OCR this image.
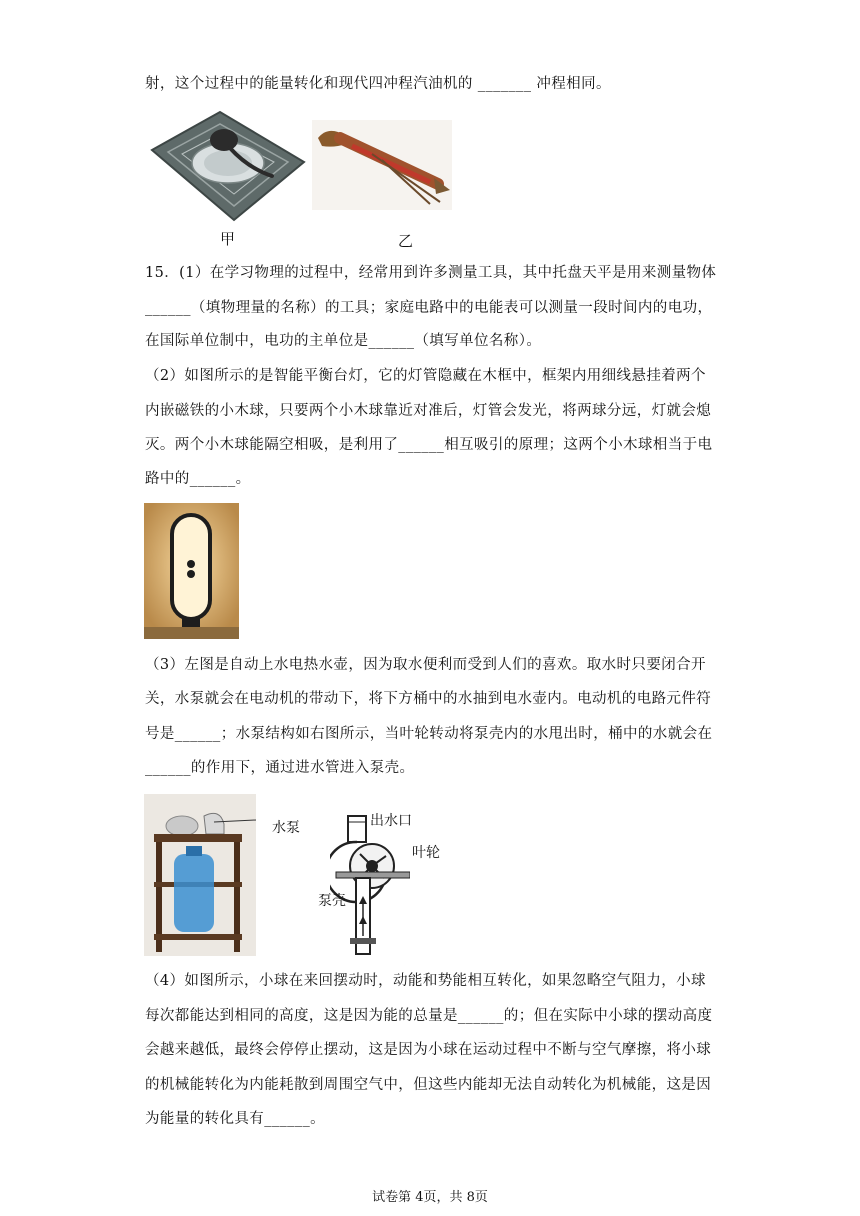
射，这个过程中的能量转化和现代四冲程汽油机的 _______ 冲程相同。
甲	乙
15．(1）在学习物理的过程中，经常用到许多测量工具，其中托盘天平是用来测量物体
______（填物理量的名称）的工具；家庭电路中的电能表可以测量一段时间内的电功，
在国际单位制中，电功的主单位是______（填写单位名称）。
（2）如图所示的是智能平衡台灯，它的灯管隐藏在木框中，框架内用细线悬挂着两个
内嵌磁铁的小木球，只要两个小木球靠近对准后，灯管会发光，将两球分远，灯就会熄
灭。两个小木球能隔空相吸，是利用了______相互吸引的原理；这两个小木球相当于电
路中的______。
（3）左图是自动上水电热水壶，因为取水便利而受到人们的喜欢。取水时只要闭合开
关，水泵就会在电动机的带动下，将下方桶中的水抽到电水壶内。电动机的电路元件符
号是______；水泵结构如右图所示，当叶轮转动将泵壳内的水甩出时，桶中的水就会在
______的作用下，通过进水管进入泵壳。
水泵	出水口
叶轮
泵壳
（4）如图所示，小球在来回摆动时，动能和势能相互转化，如果忽略空气阻力，小球
每次都能达到相同的高度，这是因为能的总量是______的；但在实际中小球的摆动高度
会越来越低，最终会停停止摆动，这是因为小球在运动过程中不断与空气摩擦，将小球
的机械能转化为内能耗散到周围空气中，但这些内能却无法自动转化为机械能，这是因
为能量的转化具有______。
试卷第 4页，共 8页
